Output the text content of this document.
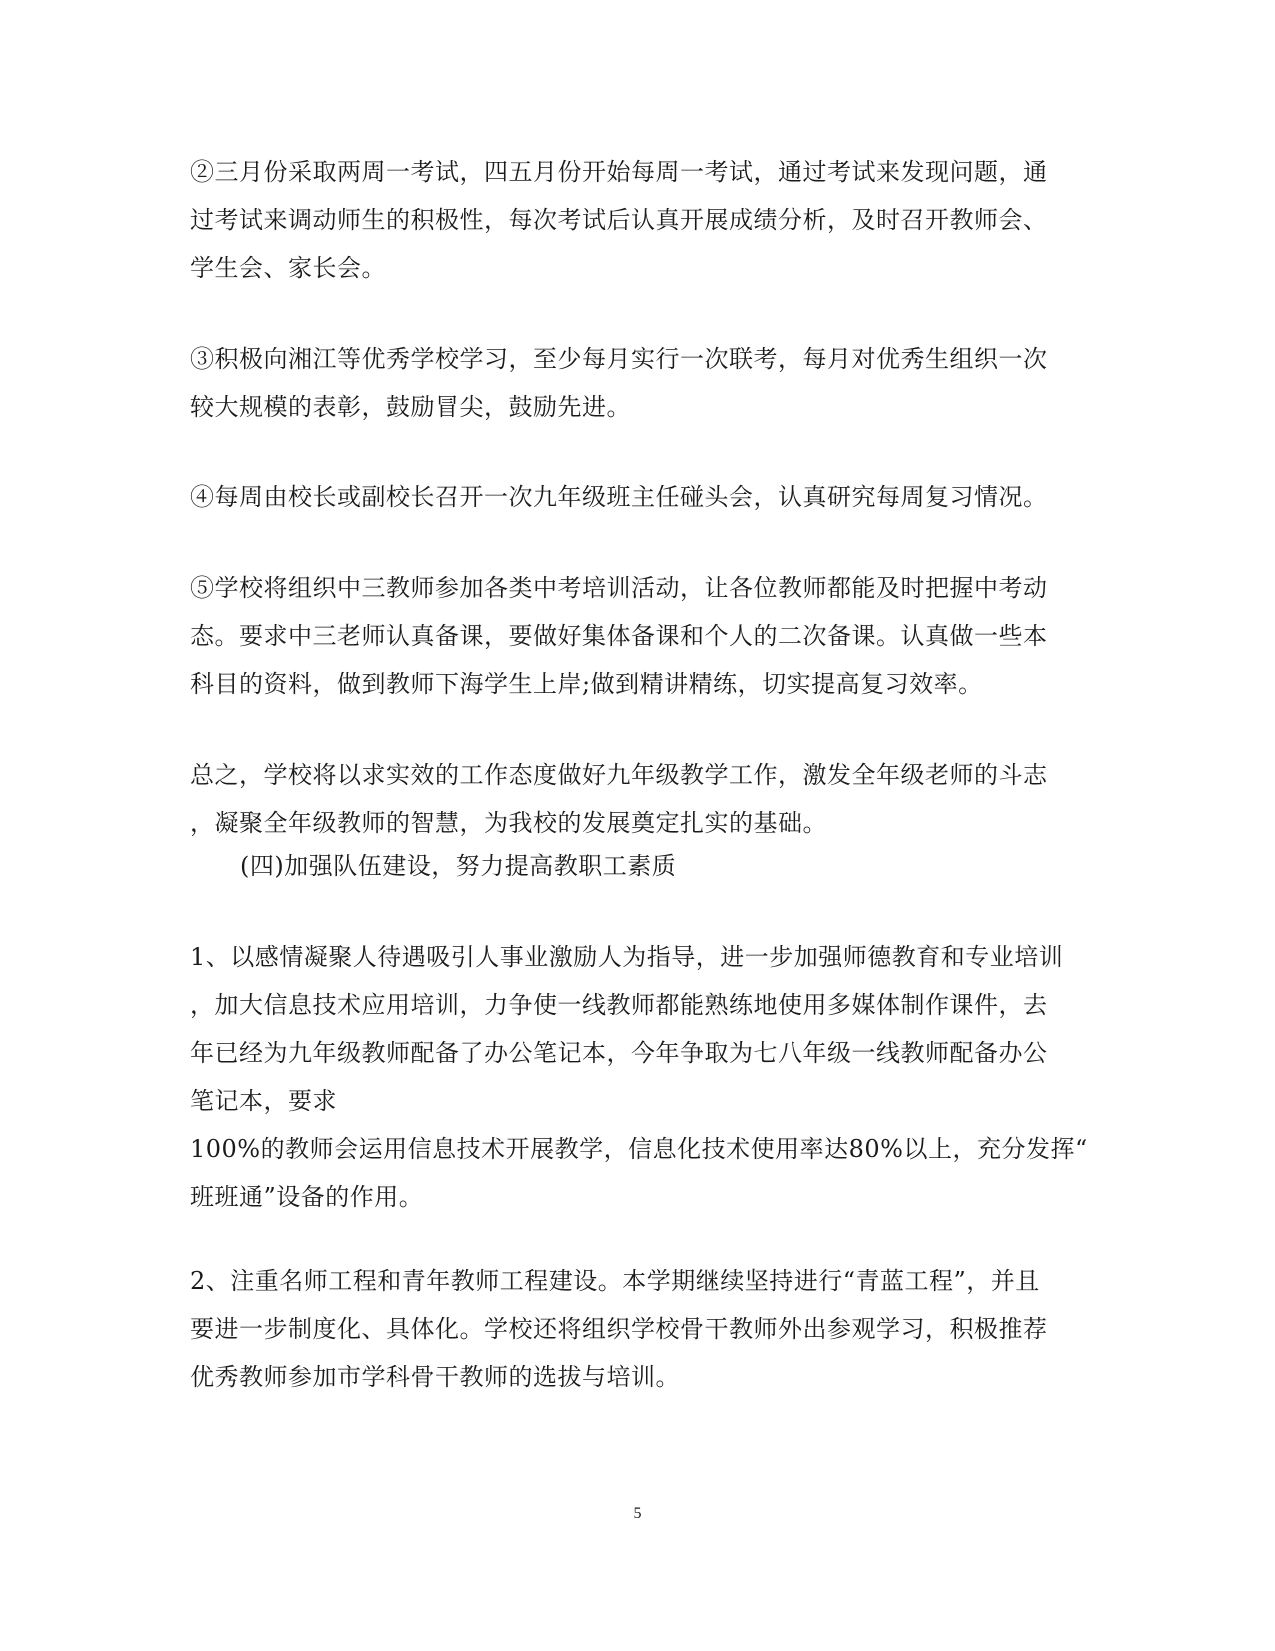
②三月份采取两周一考试，四五月份开始每周一考试，通过考试来发现问题，通
过考试来调动师生的积极性，每次考试后认真开展成绩分析，及时召开教师会、
学生会、家长会。
③积极向湘江等优秀学校学习，至少每月实行一次联考，每月对优秀生组织一次
较大规模的表彰，鼓励冒尖，鼓励先进。
④每周由校长或副校长召开一次九年级班主任碰头会，认真研究每周复习情况。
⑤学校将组织中三教师参加各类中考培训活动，让各位教师都能及时把握中考动
态。要求中三老师认真备课，要做好集体备课和个人的二次备课。认真做一些本
科目的资料，做到教师下海学生上岸;做到精讲精练，切实提高复习效率。
总之，学校将以求实效的工作态度做好九年级教学工作，激发全年级老师的斗志
，凝聚全年级教师的智慧，为我校的发展奠定扎实的基础。
(四)加强队伍建设，努力提高教职工素质
1、以感情凝聚人待遇吸引人事业激励人为指导，进一步加强师德教育和专业培训
，加大信息技术应用培训，力争使一线教师都能熟练地使用多媒体制作课件，去
年已经为九年级教师配备了办公笔记本，今年争取为七八年级一线教师配备办公
笔记本，要求
100%的教师会运用信息技术开展教学，信息化技术使用率达80%以上，充分发挥“
班班通”设备的作用。
2、注重名师工程和青年教师工程建设。本学期继续坚持进行“青蓝工程”，并且
要进一步制度化、具体化。学校还将组织学校骨干教师外出参观学习，积极推荐
优秀教师参加市学科骨干教师的选拔与培训。
5
